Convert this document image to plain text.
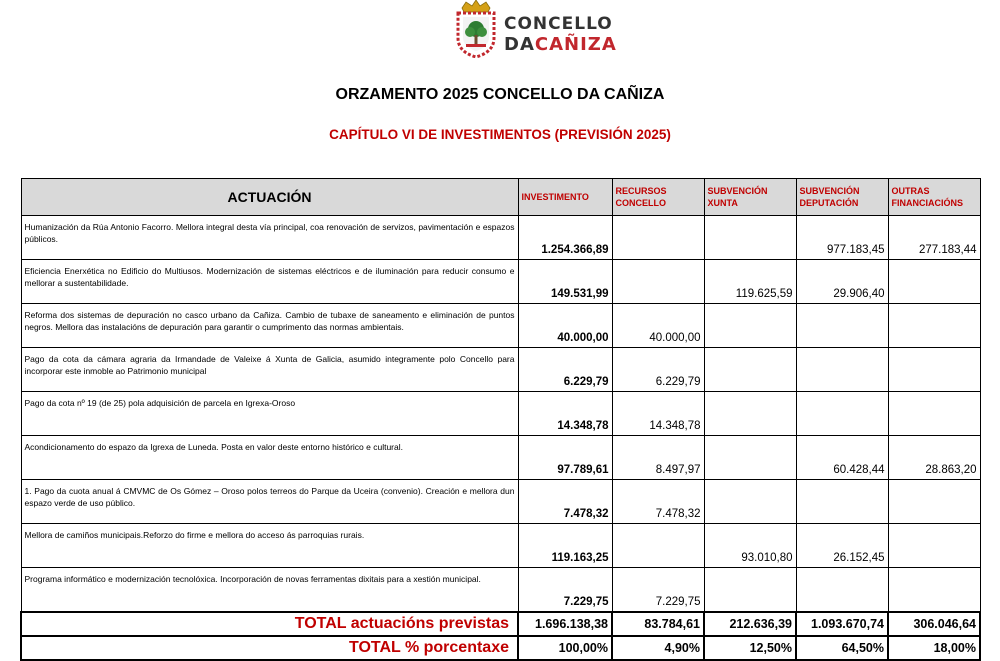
CONCELLO
DACAÑIZA
ORZAMENTO 2025 CONCELLO DA CAÑIZA
CAPÍTULO VI DE INVESTIMENTOS (PREVISIÓN 2025)
ACTUACIÓN	INVESTIMENTO	RECURSOS CONCELLO	SUBVENCIÓN XUNTA	SUBVENCIÓN DEPUTACIÓN	OUTRAS FINANCIACIÓNS
Humanización da Rúa Antonio Facorro. Mellora integral desta vía principal, coa renovación de servizos, pavimentación e espazos públicos.	1.254.366,89			977.183,45	277.183,44
Eficiencia Enerxética no Edificio do Multiusos. Modernización de sistemas eléctricos e de iluminación para reducir consumo e mellorar a sustentabilidade.	149.531,99		119.625,59	29.906,40	
Reforma dos sistemas de depuración no casco urbano da Cañiza. Cambio de tubaxe de saneamento e eliminación de puntos negros. Mellora das instalacións de depuración para garantir o cumprimento das normas ambientais.	40.000,00	40.000,00			
Pago da cota da cámara agraria da Irmandade de Valeixe á Xunta de Galicia, asumido integramente polo Concello para incorporar este inmoble ao Patrimonio municipal	6.229,79	6.229,79			
Pago da cota nº 19 (de 25) pola adquisición de parcela en Igrexa-Oroso	14.348,78	14.348,78			
Acondicionamento do espazo da Igrexa de Luneda. Posta en valor deste entorno histórico e cultural.	97.789,61	8.497,97		60.428,44	28.863,20
1. Pago da cuota anual á CMVMC de Os Gómez – Oroso polos terreos do Parque da Uceira (convenio). Creación e mellora dun espazo verde de uso público.	7.478,32	7.478,32			
Mellora de camiños municipais.Reforzo do firme e mellora do acceso ás parroquias rurais.	119.163,25		93.010,80	26.152,45	
Programa informático e modernización tecnolóxica. Incorporación de novas ferramentas dixitais para a xestión municipal.	7.229,75	7.229,75			
TOTAL actuacións previstas	1.696.138,38	83.784,61	212.636,39	1.093.670,74	306.046,64
TOTAL % porcentaxe	100,00%	4,90%	12,50%	64,50%	18,00%
